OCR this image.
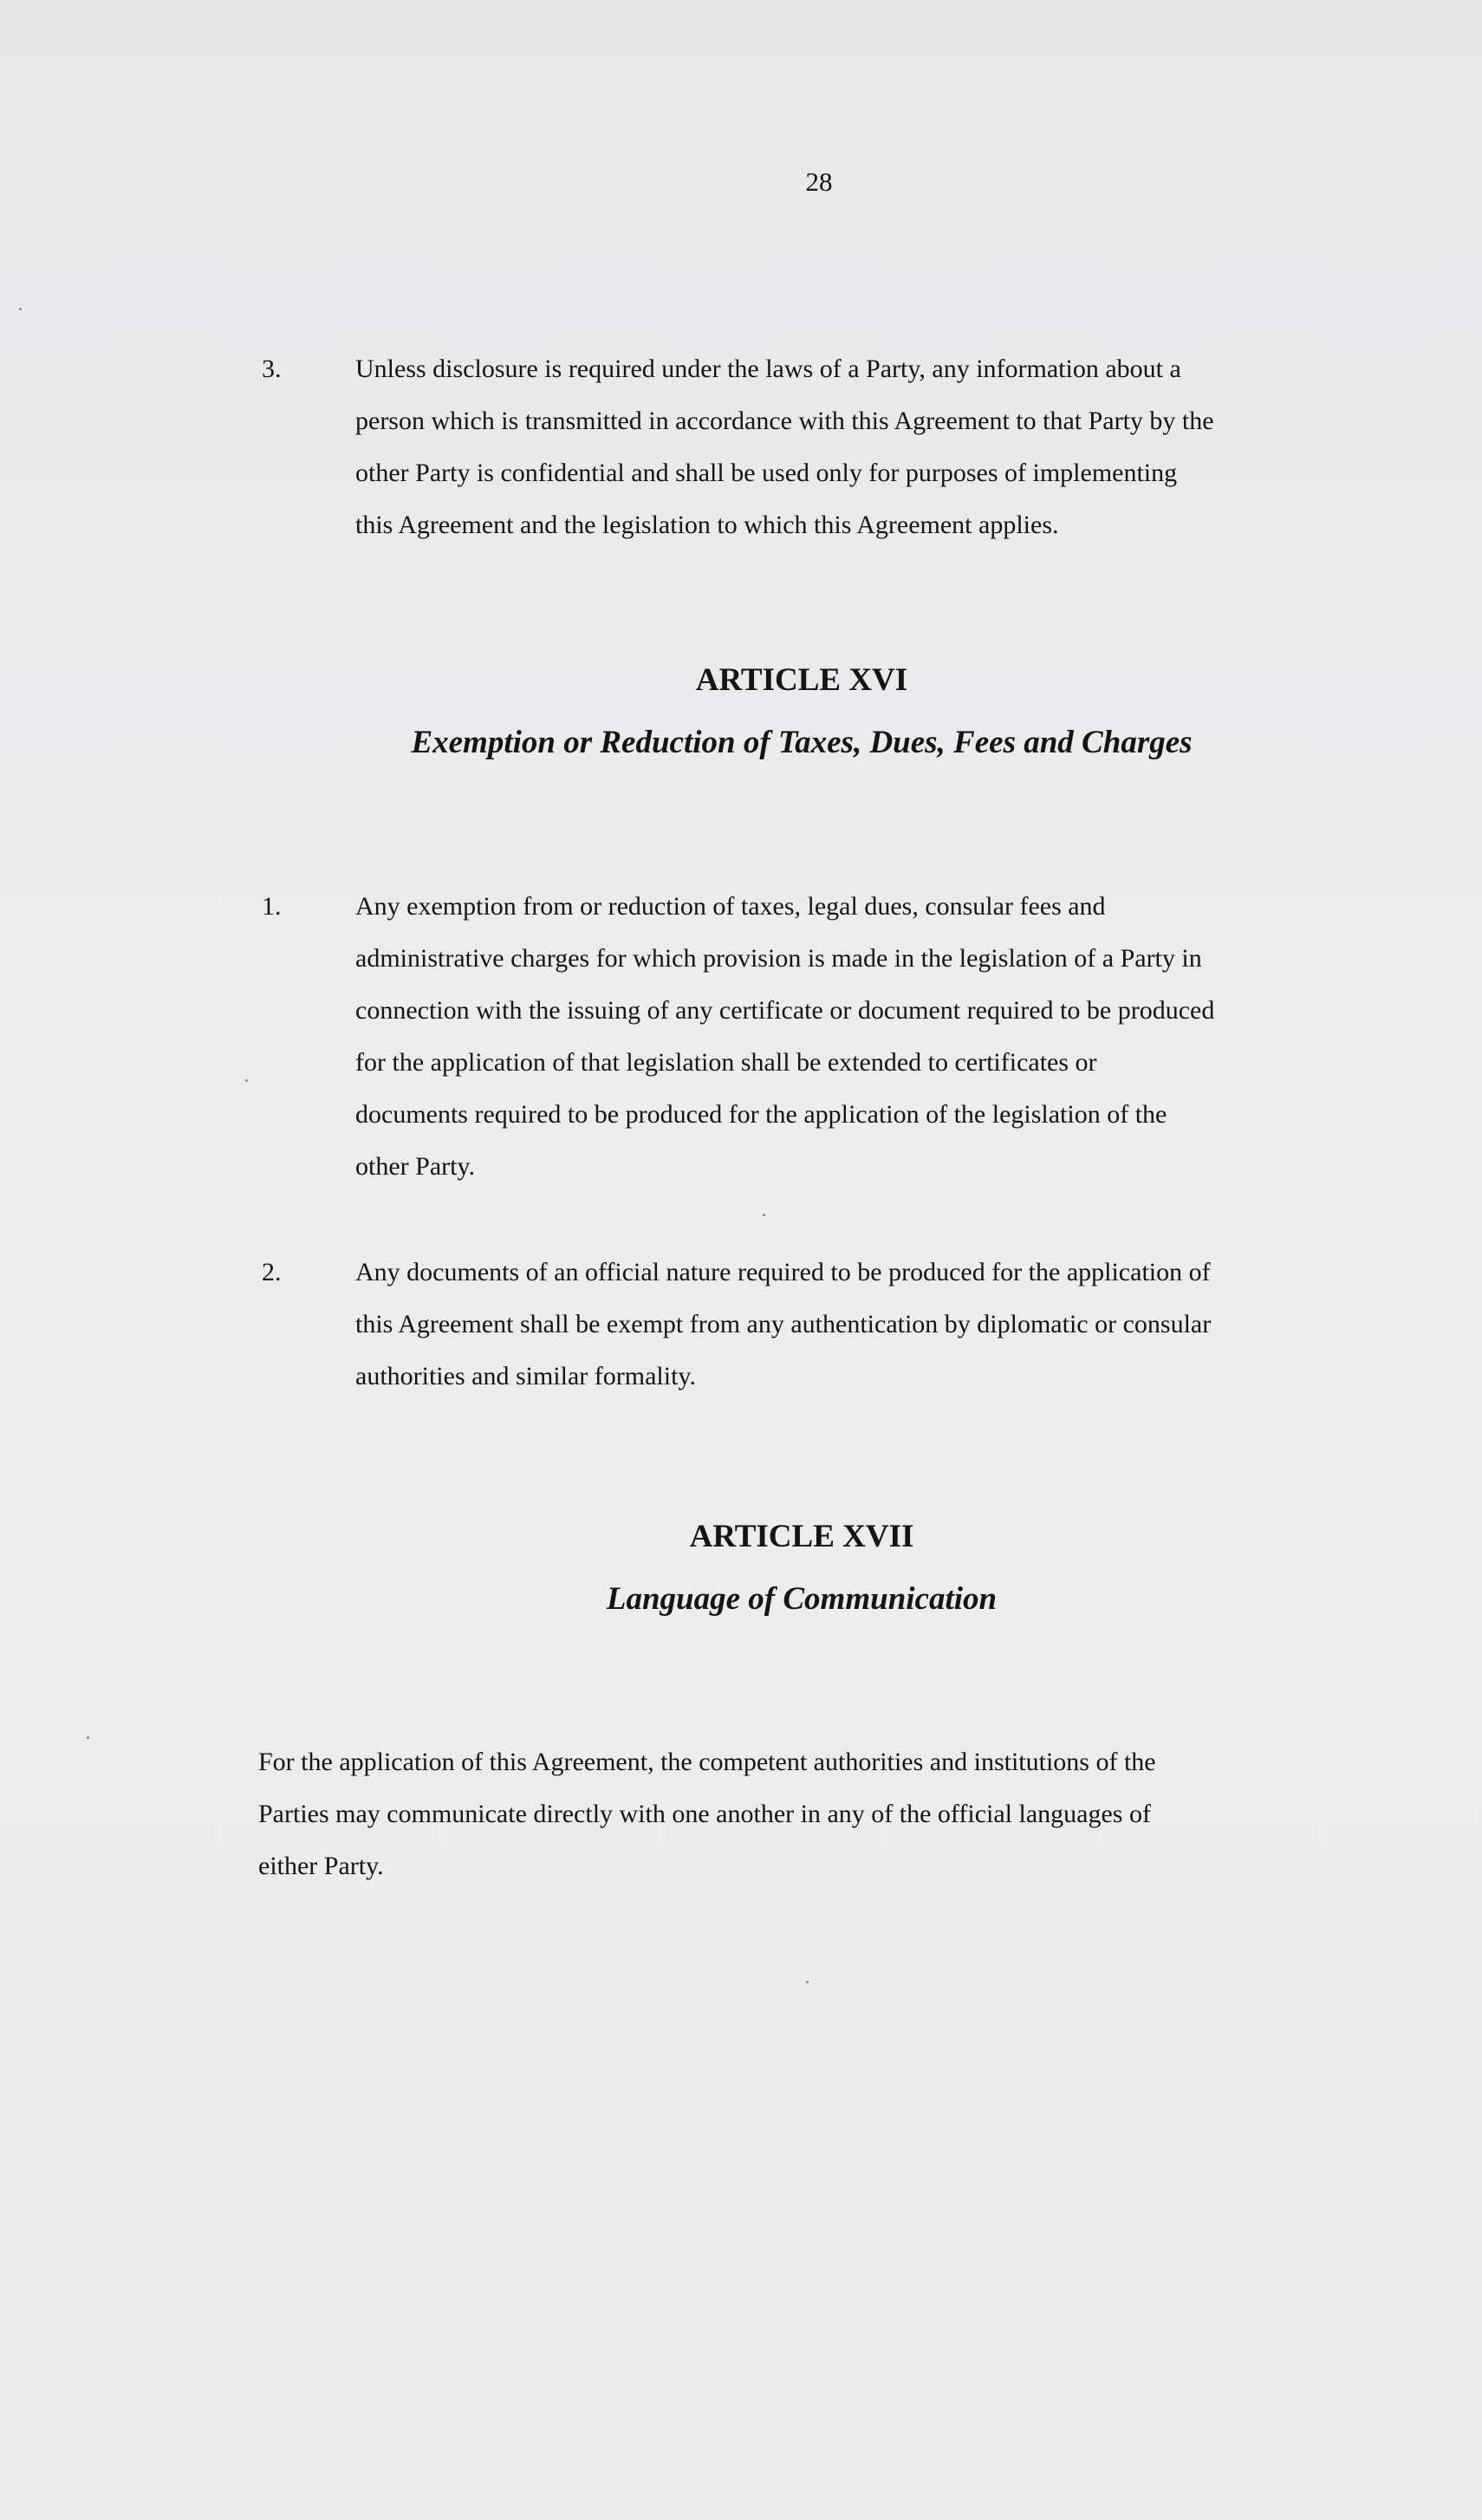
28
3.	Unless disclosure is required under the laws of a Party, any information about a
person which is transmitted in accordance with this Agreement to that Party by the
other Party is confidential and shall be used only for purposes of implementing
this Agreement and the legislation to which this Agreement applies.
ARTICLE XVI
Exemption or Reduction of Taxes, Dues, Fees and Charges
1.	Any exemption from or reduction of taxes, legal dues, consular fees and
administrative charges for which provision is made in the legislation of a Party in
connection with the issuing of any certificate or document required to be produced
for the application of that legislation shall be extended to certificates or
documents required to be produced for the application of the legislation of the
other Party.
2.	Any documents of an official nature required to be produced for the application of
this Agreement shall be exempt from any authentication by diplomatic or consular
authorities and similar formality.
ARTICLE XVII
Language of Communication
For the application of this Agreement, the competent authorities and institutions of the
Parties may communicate directly with one another in any of the official languages of
either Party.
